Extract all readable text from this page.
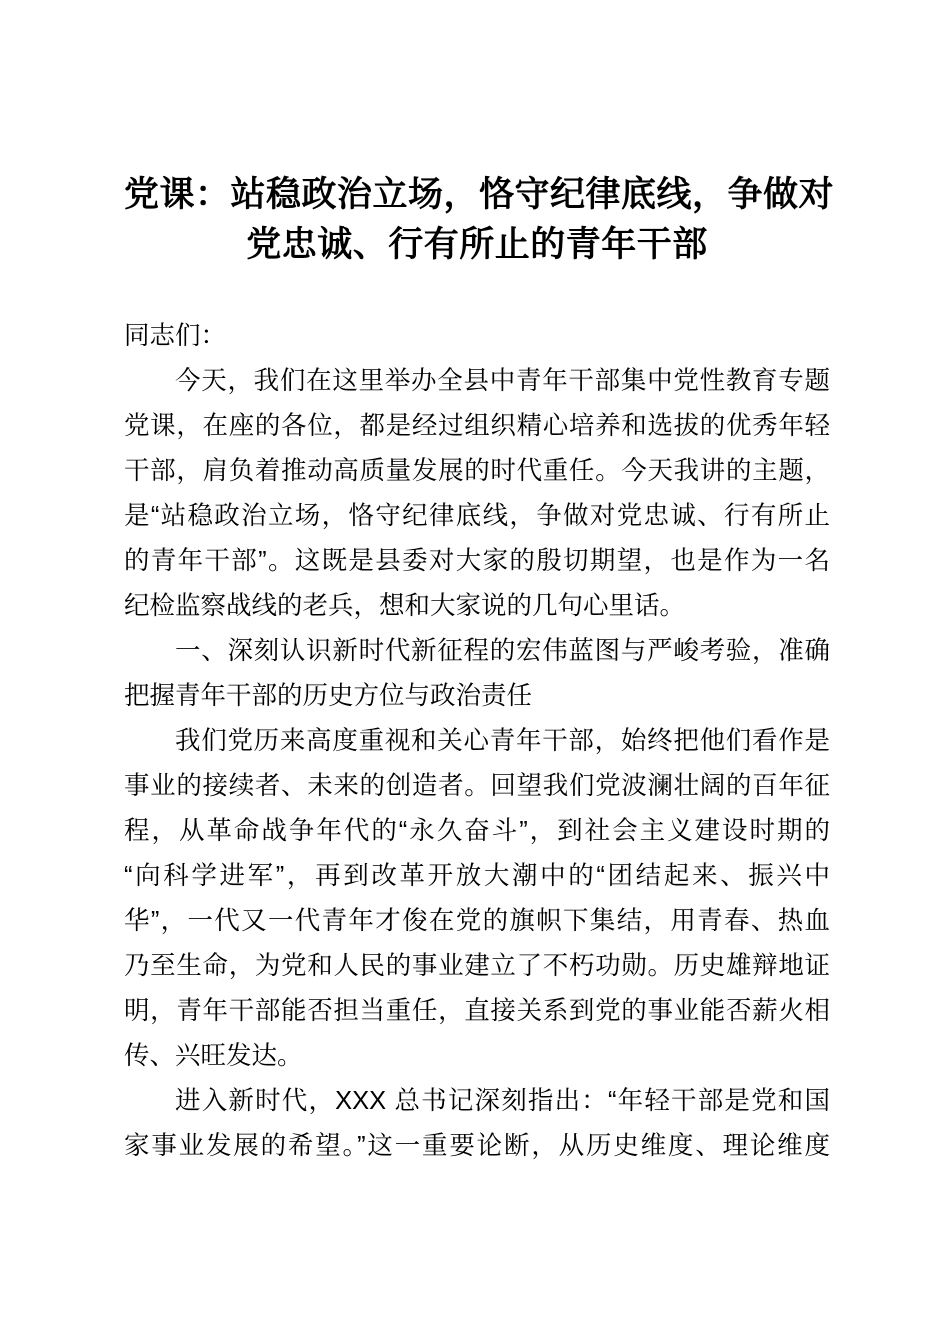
党课：站稳政治立场，恪守纪律底线，争做对
党忠诚、行有所止的青年干部
同志们：
今天，我们在这里举办全县中青年干部集中党性教育专题
党课，在座的各位，都是经过组织精心培养和选拔的优秀年轻
干部，肩负着推动高质量发展的时代重任。今天我讲的主题，
是“站稳政治立场，恪守纪律底线，争做对党忠诚、行有所止
的青年干部”。这既是县委对大家的殷切期望，也是作为一名
纪检监察战线的老兵，想和大家说的几句心里话。
一、深刻认识新时代新征程的宏伟蓝图与严峻考验，准确
把握青年干部的历史方位与政治责任
我们党历来高度重视和关心青年干部，始终把他们看作是
事业的接续者、未来的创造者。回望我们党波澜壮阔的百年征
程，从革命战争年代的“永久奋斗”，到社会主义建设时期的
“向科学进军”，再到改革开放大潮中的“团结起来、振兴中
华”，一代又一代青年才俊在党的旗帜下集结，用青春、热血
乃至生命，为党和人民的事业建立了不朽功勋。历史雄辩地证
明，青年干部能否担当重任，直接关系到党的事业能否薪火相
传、兴旺发达。
进入新时代，XXX 总书记深刻指出：“年轻干部是党和国
家事业发展的希望。”这一重要论断，从历史维度、理论维度
